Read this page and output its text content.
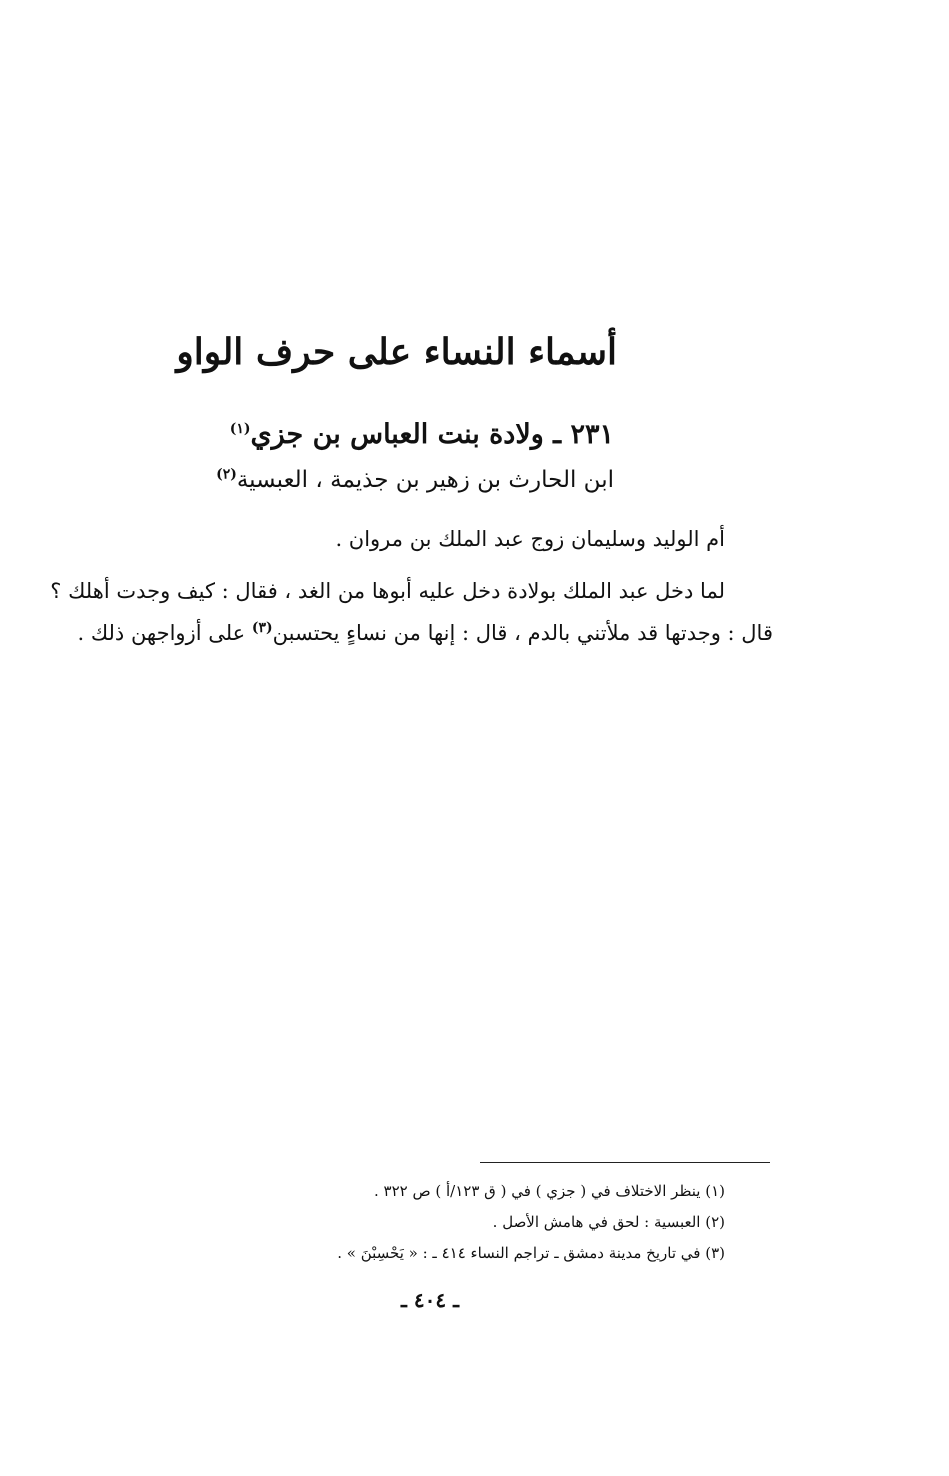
أسماء النساء على حرف الواو
٢٣١ ـ ولادة بنت العباس بن جزي$^{(١)}$
ابن الحارث بن زهير بن جذيمة ، العبسية$^{(٢)}$
أم الوليد وسليمان زوج عبد الملك بن مروان .
لما دخل عبد الملك بولادة دخل عليه أبوها من الغد ، فقال : كيف وجدت أهلك ؟
قال : وجدتها قد ملأتني بالدم ، قال : إنها من نساءٍ يحتسبن$^{(٣)}$ على أزواجهن ذلك .
(١) ينظر الاختلاف في ( جزي ) في ( ق ١٢٣/أ ) ص ٣٢٢ .
(٢) العبسية : لحق في هامش الأصل .
(٣) في تاريخ مدينة دمشق ـ تراجم النساء ٤١٤ ـ : « يَحْسِبْنَ » .
ـ ٤٠٤ ـ
